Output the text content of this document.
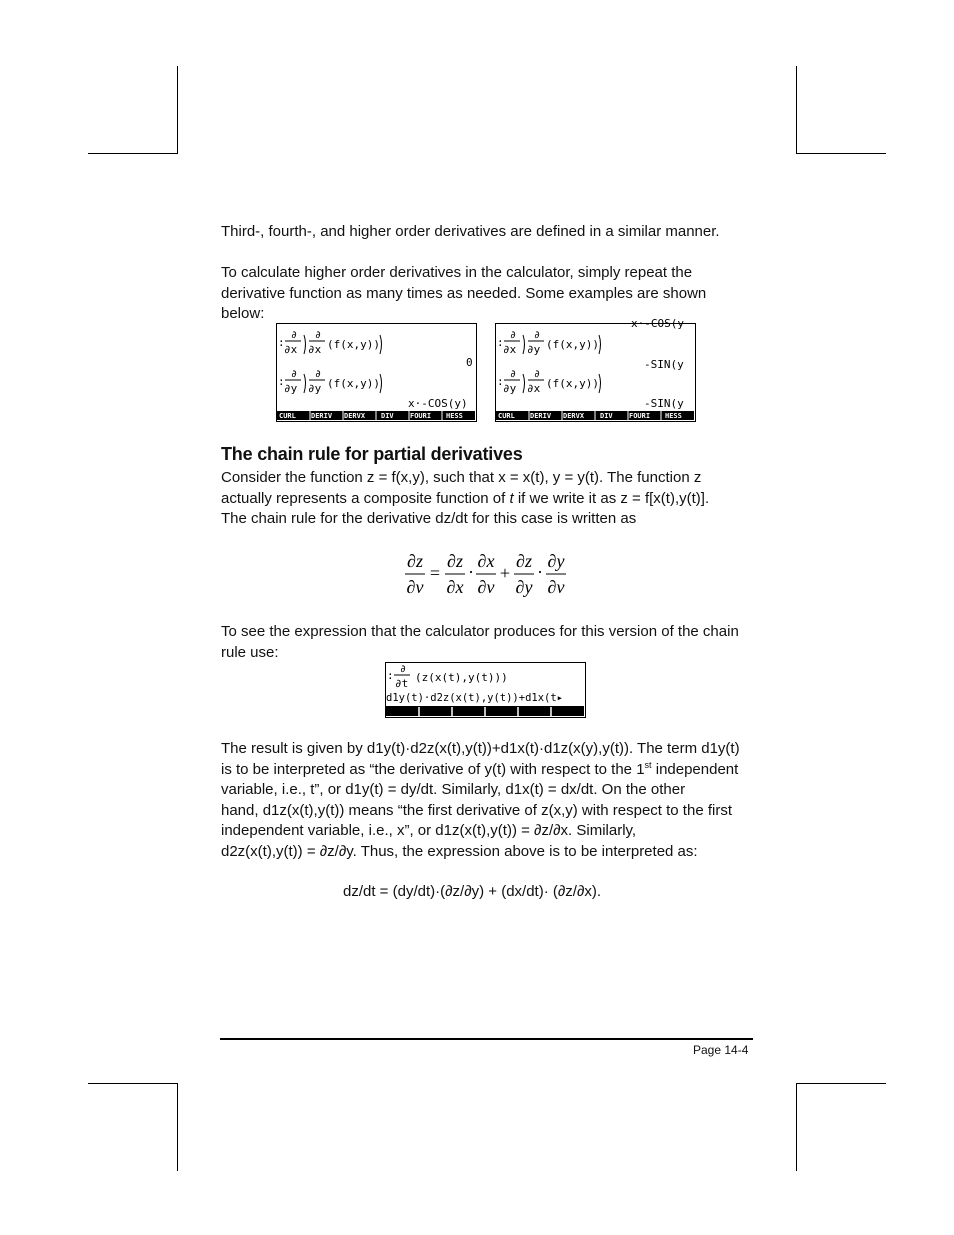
Third-, fourth-, and higher order derivatives are defined in a similar manner.
To calculate higher order derivatives in the calculator, simply repeat the
derivative function as many times as needed. Some examples are shown
below:
:
∂
∂x
∂
∂x (f(x,y))
0
:
∂
∂y
∂
∂y (f(x,y))
x·-COS(y)
CURL DERIV DERVX DIV FOURI HESS
x·-COS(y
:
∂
∂x
∂
∂y (f(x,y))
-SIN(y
:
∂
∂y
∂
∂x (f(x,y))
-SIN(y
CURL DERIV DERVX DIV FOURI HESS
The chain rule for partial derivatives
Consider the function z = f(x,y), such that x = x(t), y = y(t). The function z
actually represents a composite function of t if we write it as z = f[x(t),y(t)].
The chain rule for the derivative dz/dt for this case is written as
∂z
∂v
=
∂z
∂x
·
∂x
∂v
+
∂z
∂y
·
∂y
∂v
To see the expression that the calculator produces for this version of the chain
rule use:
: ∂
∂t (z(x(t),y(t)))
d1y(t)·d2z(x(t),y(t))+d1x(t▸
The result is given by d1y(t)·d2z(x(t),y(t))+d1x(t)·d1z(x(y),y(t)). The term d1y(t)
is to be interpreted as “the derivative of y(t) with respect to the 1st independent
variable, i.e., t”, or d1y(t) = dy/dt. Similarly, d1x(t) = dx/dt. On the other
hand, d1z(x(t),y(t)) means “the first derivative of z(x,y) with respect to the first
independent variable, i.e., x”, or d1z(x(t),y(t)) = ∂z/∂x. Similarly,
d2z(x(t),y(t)) = ∂z/∂y. Thus, the expression above is to be interpreted as:
dz/dt = (dy/dt)·(∂z/∂y) + (dx/dt)· (∂z/∂x).
Page 14-4
